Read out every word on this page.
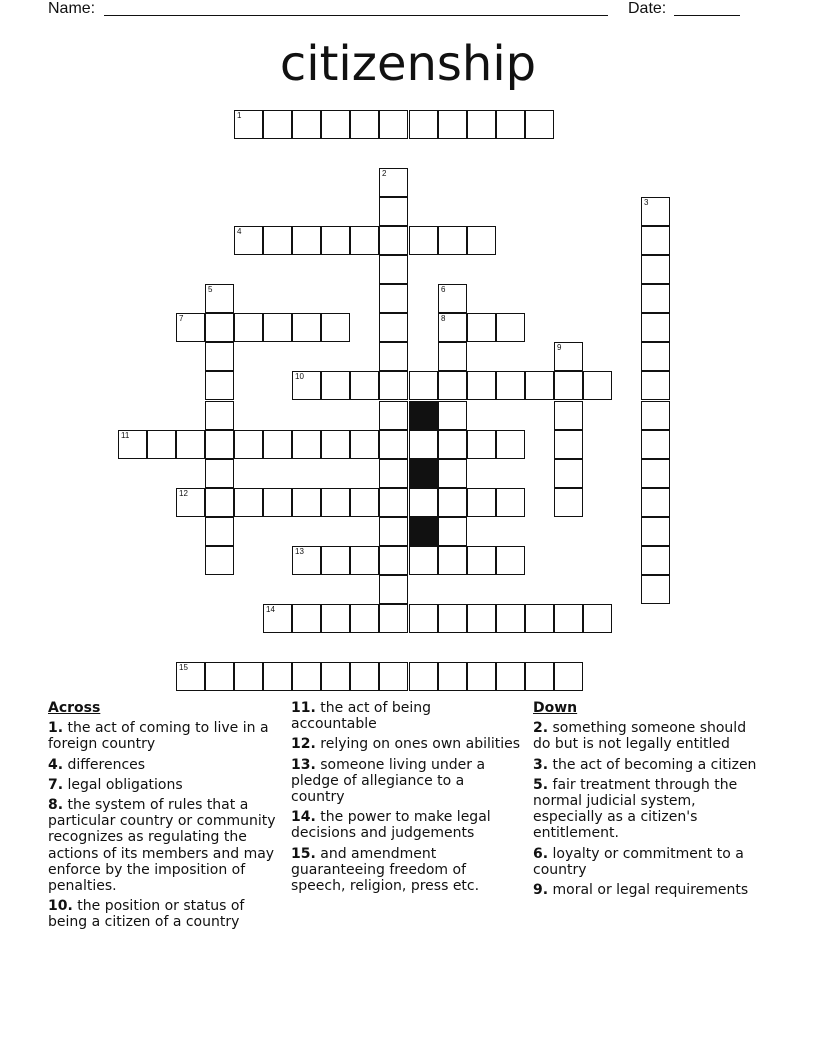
Name:	Date:
citizenship
1
2
3
4
5	6
7	8
9
10
11
12
13
14
15
Across
1. the act of coming to live in a foreign country
4. differences
7. legal obligations
8. the system of rules that a particular country or community recognizes as regulating the actions of its members and may enforce by the imposition of penalties.
10. the position or status of being a citizen of a country
11. the act of being accountable
12. relying on ones own abilities
13. someone living under a pledge of allegiance to a country
14. the power to make legal decisions and judgements
15. and amendment guaranteeing freedom of speech, religion, press etc.
Down
2. something someone should do but is not legally entitled
3. the act of becoming a citizen
5. fair treatment through the normal judicial system, especially as a citizen's entitlement.
6. loyalty or commitment to a country
9. moral or legal requirements
